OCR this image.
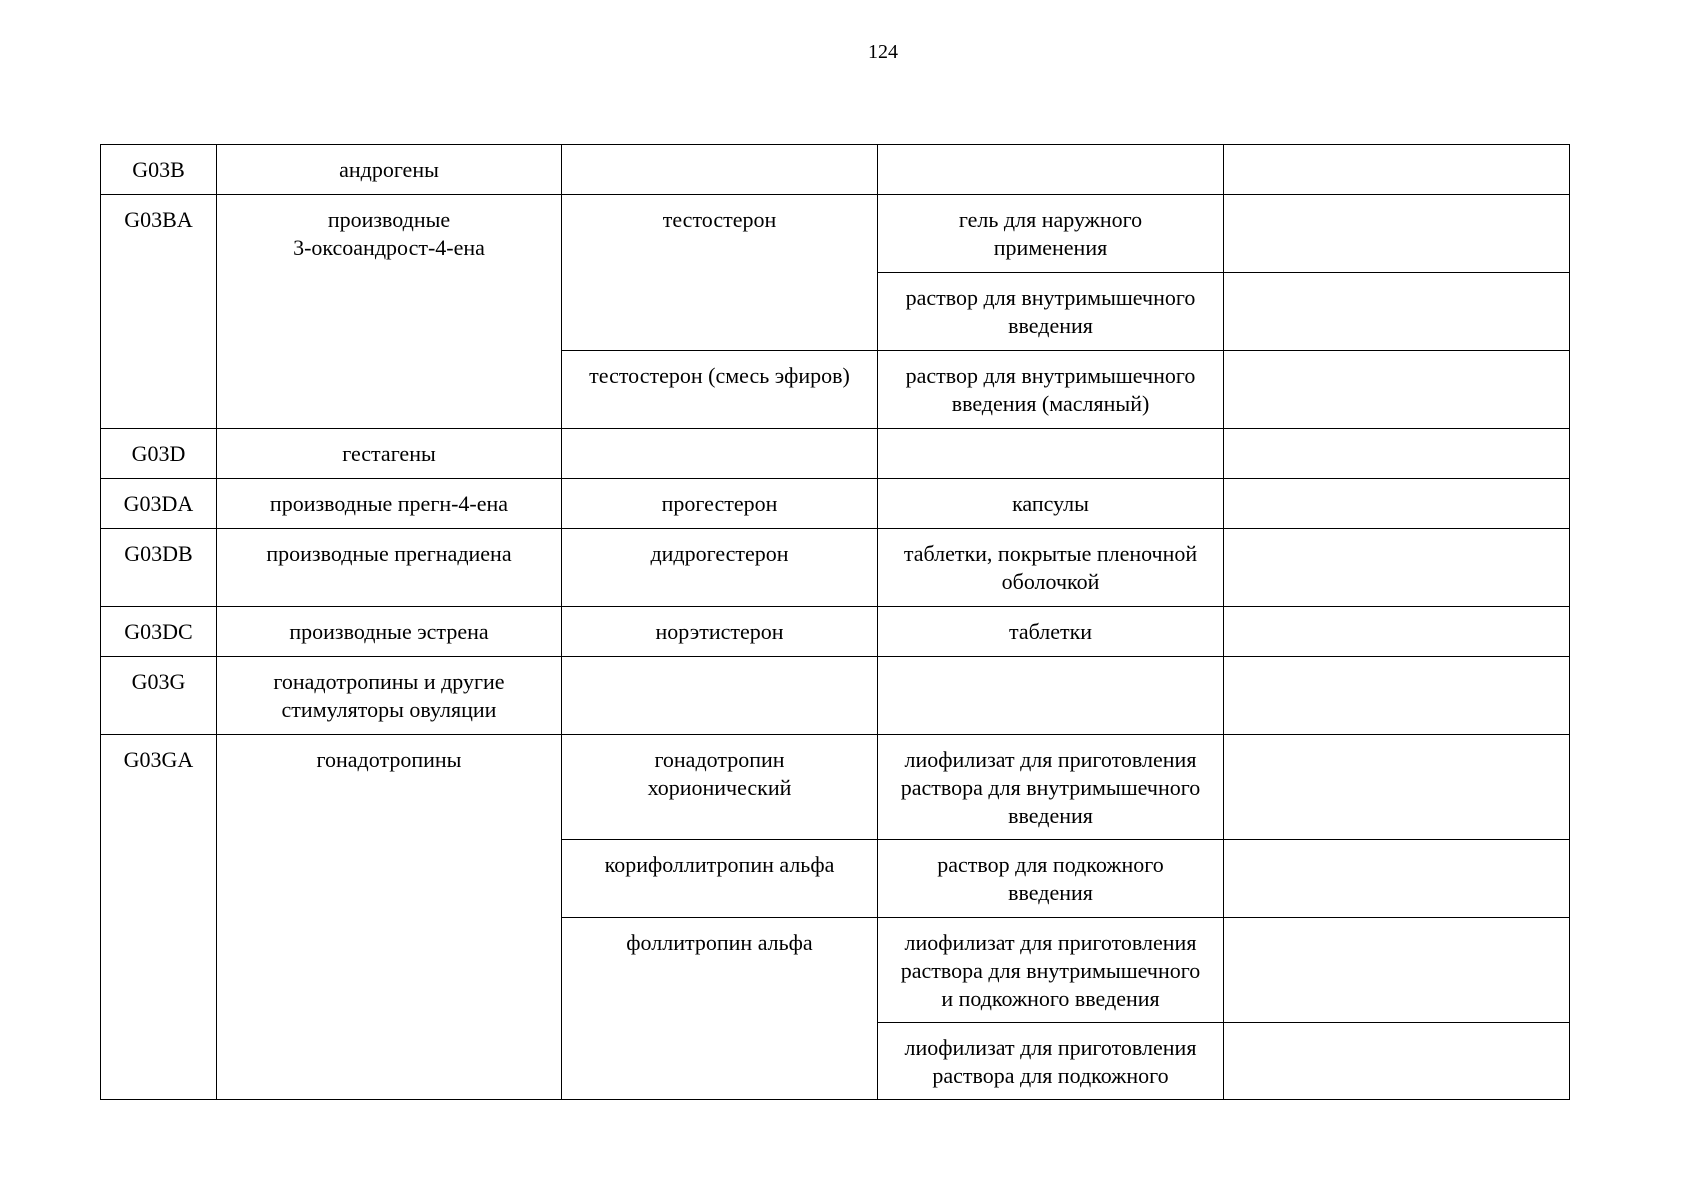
124
G03B	андрогены			
G03BA	производные
3-оксоандрост-4-ена	тестостерон	гель для наружного
применения	
			раствор для внутримышечного
введения	
		тестостерон (смесь эфиров)	раствор для внутримышечного
введения (масляный)	
G03D	гестагены			
G03DA	производные прегн-4-ена	прогестерон	капсулы	
G03DB	производные прегнадиена	дидрогестерон	таблетки, покрытые пленочной
оболочкой	
G03DC	производные эстрена	норэтистерон	таблетки	
G03G	гонадотропины и другие
стимуляторы овуляции			
G03GA	гонадотропины	гонадотропин
хорионический	лиофилизат для приготовления
раствора для внутримышечного
введения	
		корифоллитропин альфа	раствор для подкожного
введения	
		фоллитропин альфа	лиофилизат для приготовления
раствора для внутримышечного
и подкожного введения	
			лиофилизат для приготовления
раствора для подкожного	
